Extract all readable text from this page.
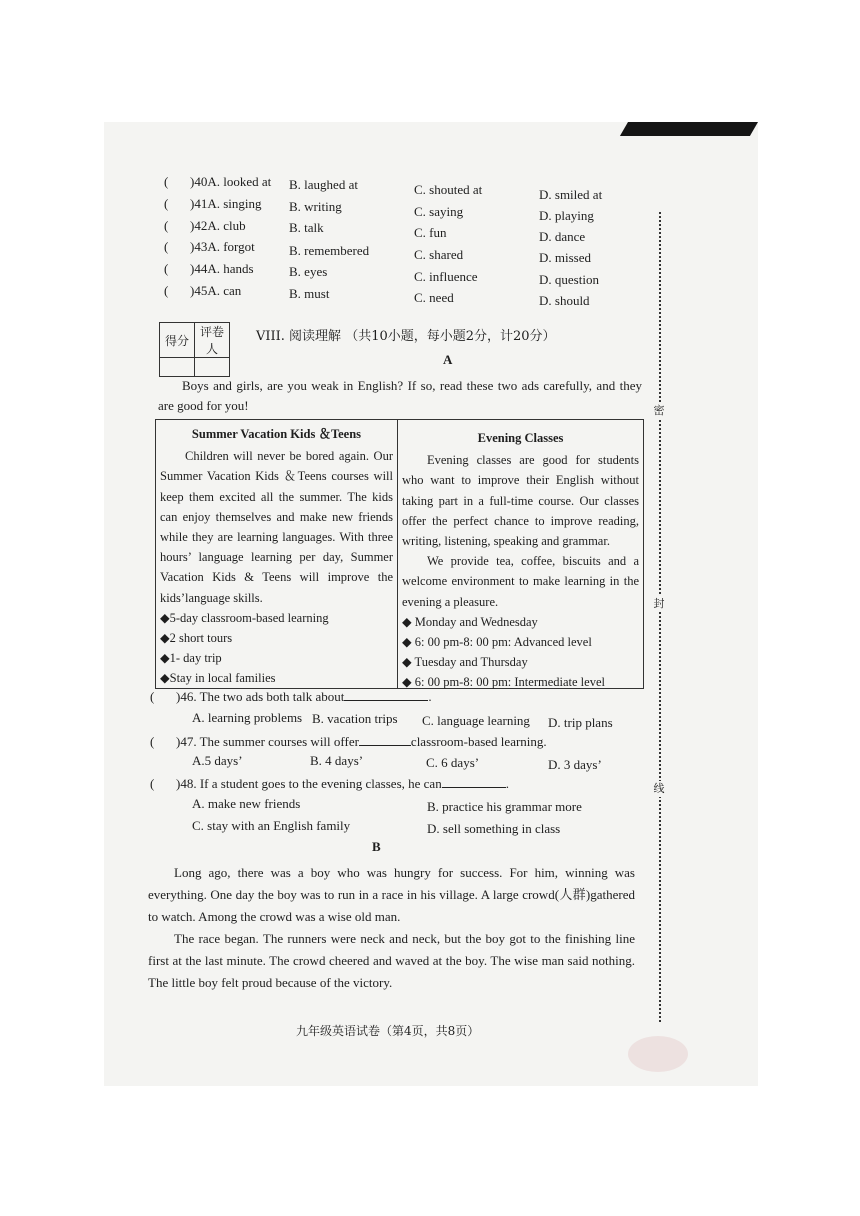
密
封
线
( )40A. looked at B. laughed at	C. shouted at	D. smiled at
( )41A. singing B. writing	C. saying	D. playing
( )42A. club	B. talk	C. fun	D. dance
( )43A. forgot	B. remembered	C. shared	D. missed
( )44A. hands	B. eyes	C. influence	D. question
( )45A. can	B. must	C. need	D. should
得分	评卷人

VIII. 阅读理解 （共10小题，每小题2分，计20分）
A
Boys and girls, are you weak in English? If so, read these two ads carefully, and they are good for you!
Summer Vacation Kids ＆Teens

Children will never be bored again. Our Summer Vacation Kids ＆Teens courses will keep them excited all the summer. The kids can enjoy themselves and make new friends while they are learning languages. With three hours’ language learning per day, Summer Vacation Kids & Teens will improve the kids’language skills.

◆5-day classroom-based learning
◆2 short tours
◆1- day trip
◆Stay in local families
Evening Classes

Evening classes are good for students who want to improve their English without taking part in a full-time course. Our classes offer the perfect chance to improve reading, writing, listening, speaking and grammar.

We provide tea, coffee, biscuits and a welcome environment to make learning in the evening a pleasure.

◆ Monday and Wednesday
◆ 6: 00 pm-8: 00 pm: Advanced level
◆ Tuesday and Thursday
◆ 6: 00 pm-8: 00 pm: Intermediate level
( )46. The two ads both talk about	.
A. learning problems B. vacation trips C. language learning D. trip plans
( )47. The summer courses will offer	classroom-based learning.
A.5 days’	B. 4 days’	C. 6 days’	D. 3 days’
( )48. If a student goes to the evening classes, he can	.
A. make new friends	B. practice his grammar more
C. stay with an English family	D. sell something in class
B
Long ago, there was a boy who was hungry for success. For him, winning was everything. One day the boy was to run in a race in his village. A large crowd(人群)gathered to watch. Among the crowd was a wise old man.
The race began. The runners were neck and neck, but the boy got to the finishing line first at the last minute. The crowd cheered and waved at the boy. The wise man said nothing. The little boy felt proud because of the victory.
九年级英语试卷（第4页，共8页）
